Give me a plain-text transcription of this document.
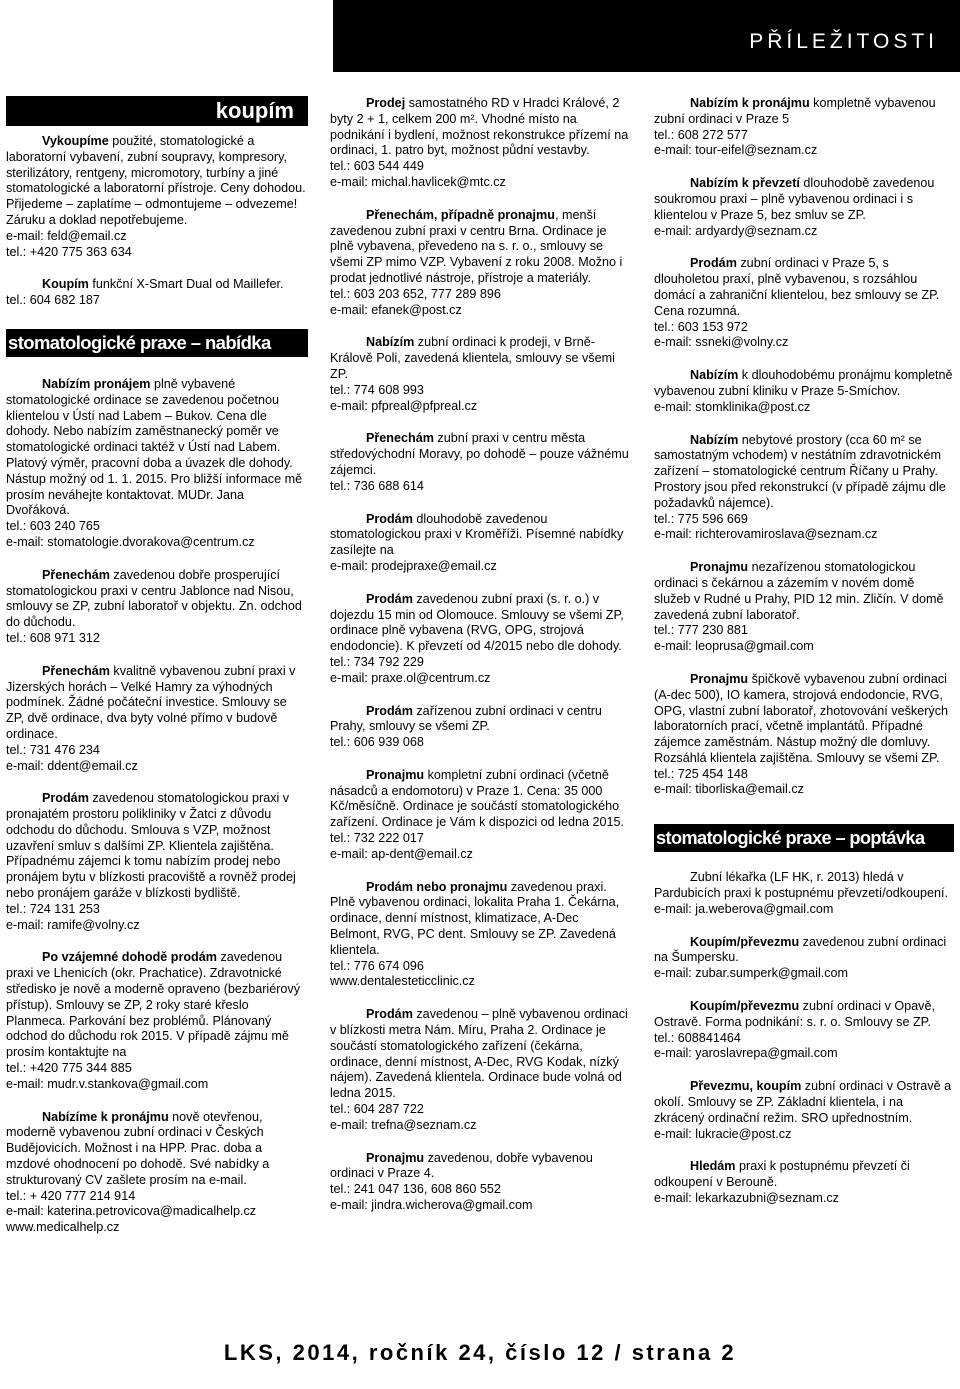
PŘÍLEŽITOSTI
koupím

Vykoupíme použité, stomatologické a laboratorní vybavení, zubní soupravy, kompresory, sterilizátory, rentgeny, micromotory, turbíny a jiné stomatologické a laboratorní přístroje. Ceny dohodou. Přijedeme – zaplatíme – odmontujeme – odvezeme! Záruku a doklad nepotřebujeme.

e-mail: feld@email.cz
tel.: +420 775 363 634

Koupím funkční X-Smart Dual od Maillefer.

tel.: 604 682 187
stomatologické praxe – nabídka

Nabízím pronájem plně vybavené stomatologické ordinace se zavedenou početnou klientelou v Ústí nad Labem – Bukov. Cena dle dohody. Nebo nabízím zaměstnanecký poměr ve stomatologické ordinaci taktéž v Ústí nad Labem. Platový výměr, pracovní doba a úvazek dle dohody. Nástup možný od 1. 1. 2015. Pro bližší informace mě prosím neváhejte kontaktovat. MUDr. Jana Dvořáková.

tel.: 603 240 765
e-mail: stomatologie.dvorakova@centrum.cz

Přenechám zavedenou dobře prosperující stomatologickou praxi v centru Jablonce nad Nisou, smlouvy se ZP, zubní laboratoř v objektu. Zn. odchod do důchodu.

tel.: 608 971 312

Přenechám kvalitně vybavenou zubní praxi v Jizerských horách – Velké Hamry za výhodných podmínek. Žádné počáteční investice. Smlouvy se ZP, dvě ordinace, dva byty volné přímo v budově ordinace.

tel.: 731 476 234
e-mail: ddent@email.cz

Prodám zavedenou stomatologickou praxi v pronajatém prostoru polikliniky v Žatci z důvodu odchodu do důchodu. Smlouva s VZP, možnost uzavření smluv s dalšími ZP. Klientela zajištěna. Případnému zájemci k tomu nabízím prodej nebo pronájem bytu v blízkosti pracoviště a rovněž prodej nebo pronájem garáže v blízkosti bydliště.

tel.: 724 131 253
e-mail: ramife@volny.cz

Po vzájemné dohodě prodám zavedenou praxi ve Lhenicích (okr. Prachatice). Zdravotnické středisko je nově a moderně opraveno (bezbariérový přístup). Smlouvy se ZP, 2 roky staré křeslo Planmeca. Parkování bez problémů. Plánovaný odchod do důchodu rok 2015. V případě zájmu mě prosím kontaktujte na

tel.: +420 775 344 885
e-mail: mudr.v.stankova@gmail.com

Nabízíme k pronájmu nově otevřenou, moderně vybavenou zubní ordinaci v Českých Budějovicích. Možnost i na HPP. Prac. doba a mzdové ohodnocení po dohodě. Své nabídky a strukturovaný CV zašlete prosím na e-mail.

tel.: + 420 777 214 914
e-mail: katerina.petrovicova@madicalhelp.cz
www.medicalhelp.cz

Prodej samostatného RD v Hradci Králové, 2 byty 2 + 1, celkem 200 m². Vhodné místo na podnikání i bydlení, možnost rekonstrukce přízemí na ordinaci, 1. patro byt, možnost půdní vestavby.

tel.: 603 544 449
e-mail: michal.havlicek@mtc.cz

Přenechám, případně pronajmu, menší zavedenou zubní praxi v centru Brna. Ordinace je plně vybavena, převedeno na s. r. o., smlouvy se všemi ZP mimo VZP. Vybavení z roku 2008. Možno i prodat jednotlivé nástroje, přístroje a materiály.

tel.: 603 203 652, 777 289 896
e-mail: efanek@post.cz

Nabízím zubní ordinaci k prodeji, v Brně-Králově Poli, zavedená klientela, smlouvy se všemi ZP.

tel.: 774 608 993
e-mail: pfpreal@pfpreal.cz

Přenechám zubní praxi v centru města středovýchodní Moravy, po dohodě – pouze vážnému zájemci.

tel.: 736 688 614

Prodám dlouhodobě zavedenou stomatologickou praxi v Kroměříži. Písemné nabídky zasílejte na

e-mail: prodejpraxe@email.cz

Prodám zavedenou zubní praxi (s. r. o.) v dojezdu 15 min od Olomouce. Smlouvy se všemi ZP, ordinace plně vybavena (RVG, OPG, strojová endodoncie). K převzetí od 4/2015 nebo dle dohody.

tel.: 734 792 229
e-mail: praxe.ol@centrum.cz

Prodám zařízenou zubní ordinaci v centru Prahy, smlouvy se všemi ZP.

tel.: 606 939 068

Pronajmu kompletní zubní ordinaci (včetně násadců a endomotoru) v Praze 1. Cena: 35 000 Kč/měsíčně. Ordinace je součástí stomatologického zařízení. Ordinace je Vám k dispozici od ledna 2015.

tel.: 732 222 017
e-mail: ap-dent@email.cz

Prodám nebo pronajmu zavedenou praxi. Plně vybavenou ordinaci, lokalita Praha 1. Čekárna, ordinace, denní místnost, klimatizace, A-Dec Belmont, RVG, PC dent. Smlouvy se ZP. Zavedená klientela.

tel.: 776 674 096
www.dentalesteticclinic.cz

Prodám zavedenou – plně vybavenou ordinaci v blízkosti metra Nám. Míru, Praha 2. Ordinace je součástí stomatologického zařízení (čekárna, ordinace, denní místnost, A-Dec, RVG Kodak, nízký nájem). Zavedená klientela. Ordinace bude volná od ledna 2015.

tel.: 604 287 722
e-mail: trefna@seznam.cz

Pronajmu zavedenou, dobře vybavenou ordinaci v Praze 4.

tel.: 241 047 136, 608 860 552
e-mail: jindra.wicherova@gmail.com

Nabízím k pronájmu kompletně vybavenou zubní ordinaci v Praze 5

tel.: 608 272 577
e-mail: tour-eifel@seznam.cz

Nabízím k převzetí dlouhodobě zavedenou soukromou praxi – plně vybavenou ordinaci i s klientelou v Praze 5, bez smluv se ZP.

e-mail: ardyardy@seznam.cz

Prodám zubní ordinaci v Praze 5, s dlouholetou praxí, plně vybavenou, s rozsáhlou domácí a zahraniční klientelou, bez smlouvy se ZP. Cena rozumná.

tel.: 603 153 972
e-mail: ssneki@volny.cz

Nabízím k dlouhodobému pronájmu kompletně vybavenou zubní kliniku v Praze 5-Smíchov.

e-mail: stomklinika@post.cz

Nabízím nebytové prostory (cca 60 m² se samostatným vchodem) v nestátním zdravotnickém zařízení – stomatologické centrum Říčany u Prahy. Prostory jsou před rekonstrukcí (v případě zájmu dle požadavků nájemce).

tel.: 775 596 669
e-mail: richterovamiroslava@seznam.cz

Pronajmu nezařízenou stomatologickou ordinaci s čekárnou a zázemím v novém domě služeb v Rudné u Prahy, PID 12 min. Zličín. V domě zavedená zubní laboratoř.

tel.: 777 230 881
e-mail: leoprusa@gmail.com

Pronajmu špičkově vybavenou zubní ordinaci (A-dec 500), IO kamera, strojová endodoncie, RVG, OPG, vlastní zubní laboratoř, zhotovování veškerých laboratorních prací, včetně implantátů. Případné zájemce zaměstnám. Nástup možný dle domluvy. Rozsáhlá klientela zajištěna. Smlouvy se všemi ZP.

tel.: 725 454 148
e-mail: tiborliska@email.cz
stomatologické praxe – poptávka

Zubní lékařka (LF HK, r. 2013) hledá v Pardubicích praxi k postupnému převzetí/odkoupení.

e-mail: ja.weberova@gmail.com

Koupím/převezmu zavedenou zubní ordinaci na Šumpersku.

e-mail: zubar.sumperk@gmail.com

Koupím/převezmu zubní ordinaci v Opavě, Ostravě. Forma podnikání: s. r. o. Smlouvy se ZP.

tel.: 608841464
e-mail: yaroslavrepa@gmail.com

Převezmu, koupím zubní ordinaci v Ostravě a okolí. Smlouvy se ZP. Základní klientela, i na zkrácený ordinační režim. SRO upřednostním.

e-mail: lukracie@post.cz

Hledám praxi k postupnému převzetí či odkoupení v Berouně.

e-mail: lekarkazubni@seznam.cz
LKS, 2014, ročník 24, číslo 12 / strana 2
